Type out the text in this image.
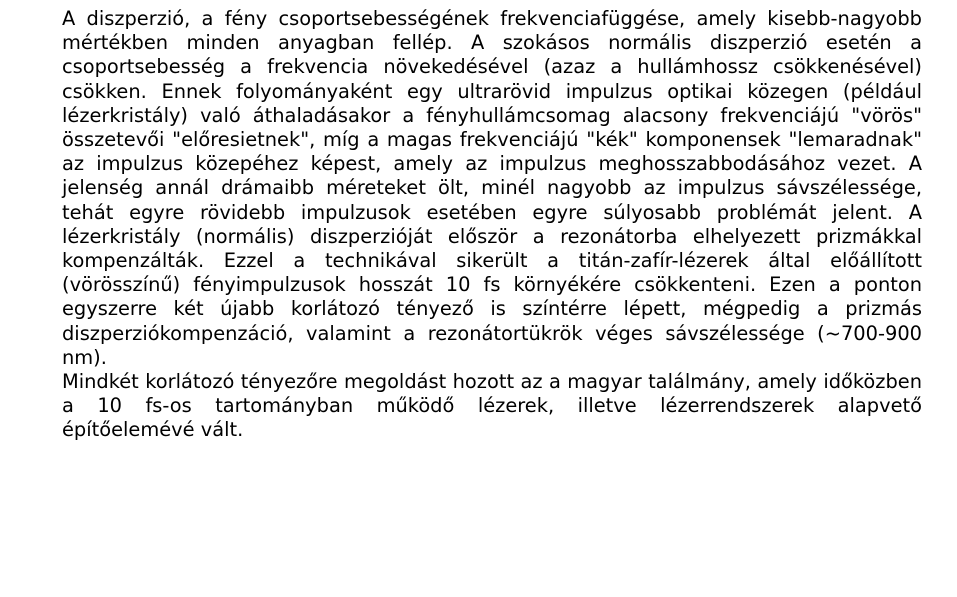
A diszperzió, a fény csoportsebességének frekvenciafüggése, amely kisebb-nagyobb mértékben minden anyagban fellép. A szokásos normális diszperzió esetén a csoportsebesség a frekvencia növekedésével (azaz a hullámhossz csökkenésével) csökken. Ennek folyományaként egy ultrarövid impulzus optikai közegen (például lézerkristály) való áthaladásakor a fényhullámcsomag alacsony frekvenciájú "vörös" összetevői "előresietnek", míg a magas frekvenciájú "kék" komponensek "lemaradnak" az impulzus közepéhez képest, amely az impulzus meghosszabbodásához vezet. A jelenség annál drámaibb méreteket ölt, minél nagyobb az impulzus sávszélessége, tehát egyre rövidebb impulzusok esetében egyre súlyosabb problémát jelent. A lézerkristály (normális) diszperzióját először a rezonátorba elhelyezett prizmákkal kompenzálták. Ezzel a technikával sikerült a titán-zafír-lézerek által előállított (vörösszínű) fényimpulzusok hosszát 10 fs környékére csökkenteni. Ezen a ponton egyszerre két újabb korlátozó tényező is színtérre lépett, mégpedig a prizmás diszperziókompenzáció, valamint a rezonátortükrök véges sávszélessége (~700-900 nm).

Mindkét korlátozó tényezőre megoldást hozott az a magyar találmány, amely időközben a 10 fs-os tartományban működő lézerek, illetve lézerrendszerek alapvető építőelemévé vált.
